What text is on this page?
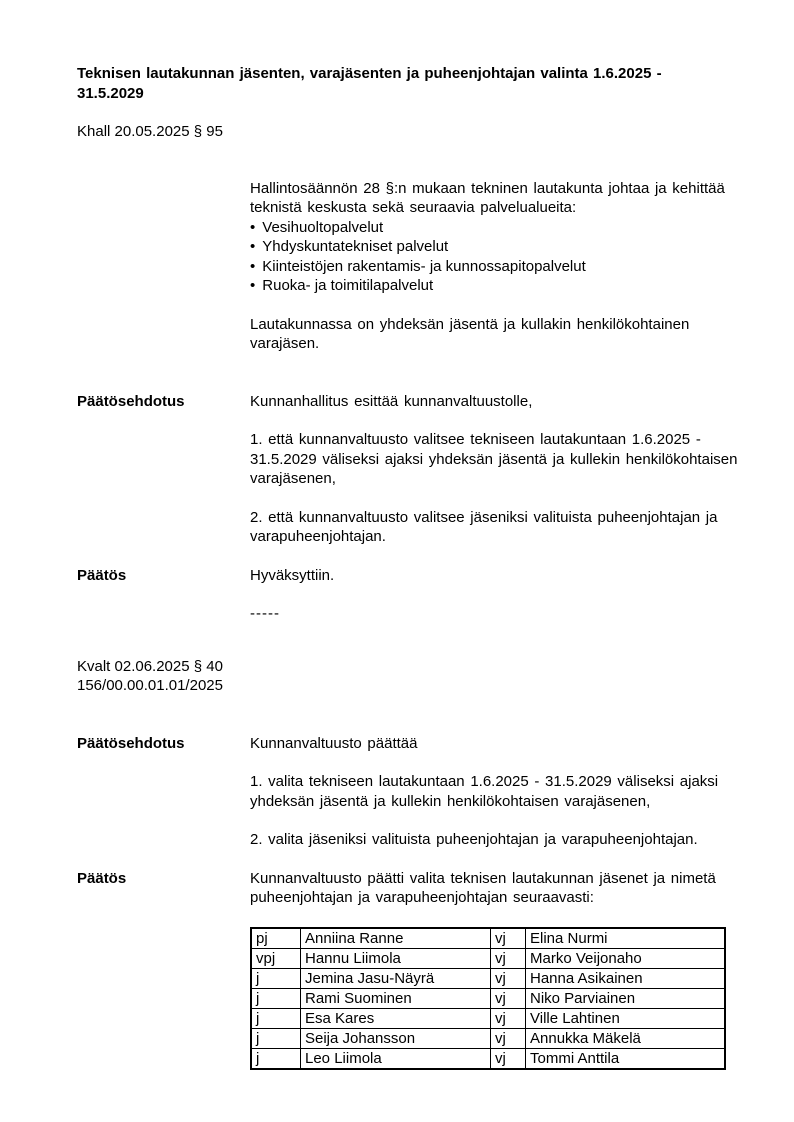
Teknisen lautakunnan jäsenten, varajäsenten ja puheenjohtajan valinta 1.6.2025 - 31.5.2029
Khall 20.05.2025 § 95

Hallintosäännön 28 §:n mukaan tekninen lautakunta johtaa ja kehittää teknistä keskusta sekä seuraavia palvelualueita:

• Vesihuoltopalvelut
• Yhdyskuntatekniset palvelut
• Kiinteistöjen rakentamis- ja kunnossapitopalvelut
• Ruoka- ja toimitilapalvelut

Lautakunnassa on yhdeksän jäsentä ja kullakin henkilökohtainen varajäsen.

Päätösehdotus	Kunnanhallitus esittää kunnanvaltuustolle,

1. että kunnanvaltuusto valitsee tekniseen lautakuntaan 1.6.2025 - 31.5.2029 väliseksi ajaksi yhdeksän jäsentä ja kullekin henkilökohtaisen varajäsenen,

2. että kunnanvaltuusto valitsee jäseniksi valituista puheenjohtajan ja varapuheenjohtajan.

Päätös	Hyväksyttiin.

-----

Kvalt 02.06.2025 § 40
156/00.00.01.01/2025
Päätösehdotus	Kunnanvaltuusto päättää

1. valita tekniseen lautakuntaan 1.6.2025 - 31.5.2029 väliseksi ajaksi yhdeksän jäsentä ja kullekin henkilökohtaisen varajäsenen,

2. valita jäseniksi valituista puheenjohtajan ja varapuheenjohtajan.

Päätös	Kunnanvaltuusto päätti valita teknisen lautakunnan jäsenet ja nimetä puheenjohtajan ja varapuheenjohtajan seuraavasti:

pj	Anniina Ranne	vj	Elina Nurmi
vpj	Hannu Liimola	vj	Marko Veijonaho
j	Jemina Jasu-Näyrä	vj	Hanna Asikainen
j	Rami Suominen	vj	Niko Parviainen
j	Esa Kares	vj	Ville Lahtinen
j	Seija Johansson	vj	Annukka Mäkelä
j	Leo Liimola	vj	Tommi Anttila
